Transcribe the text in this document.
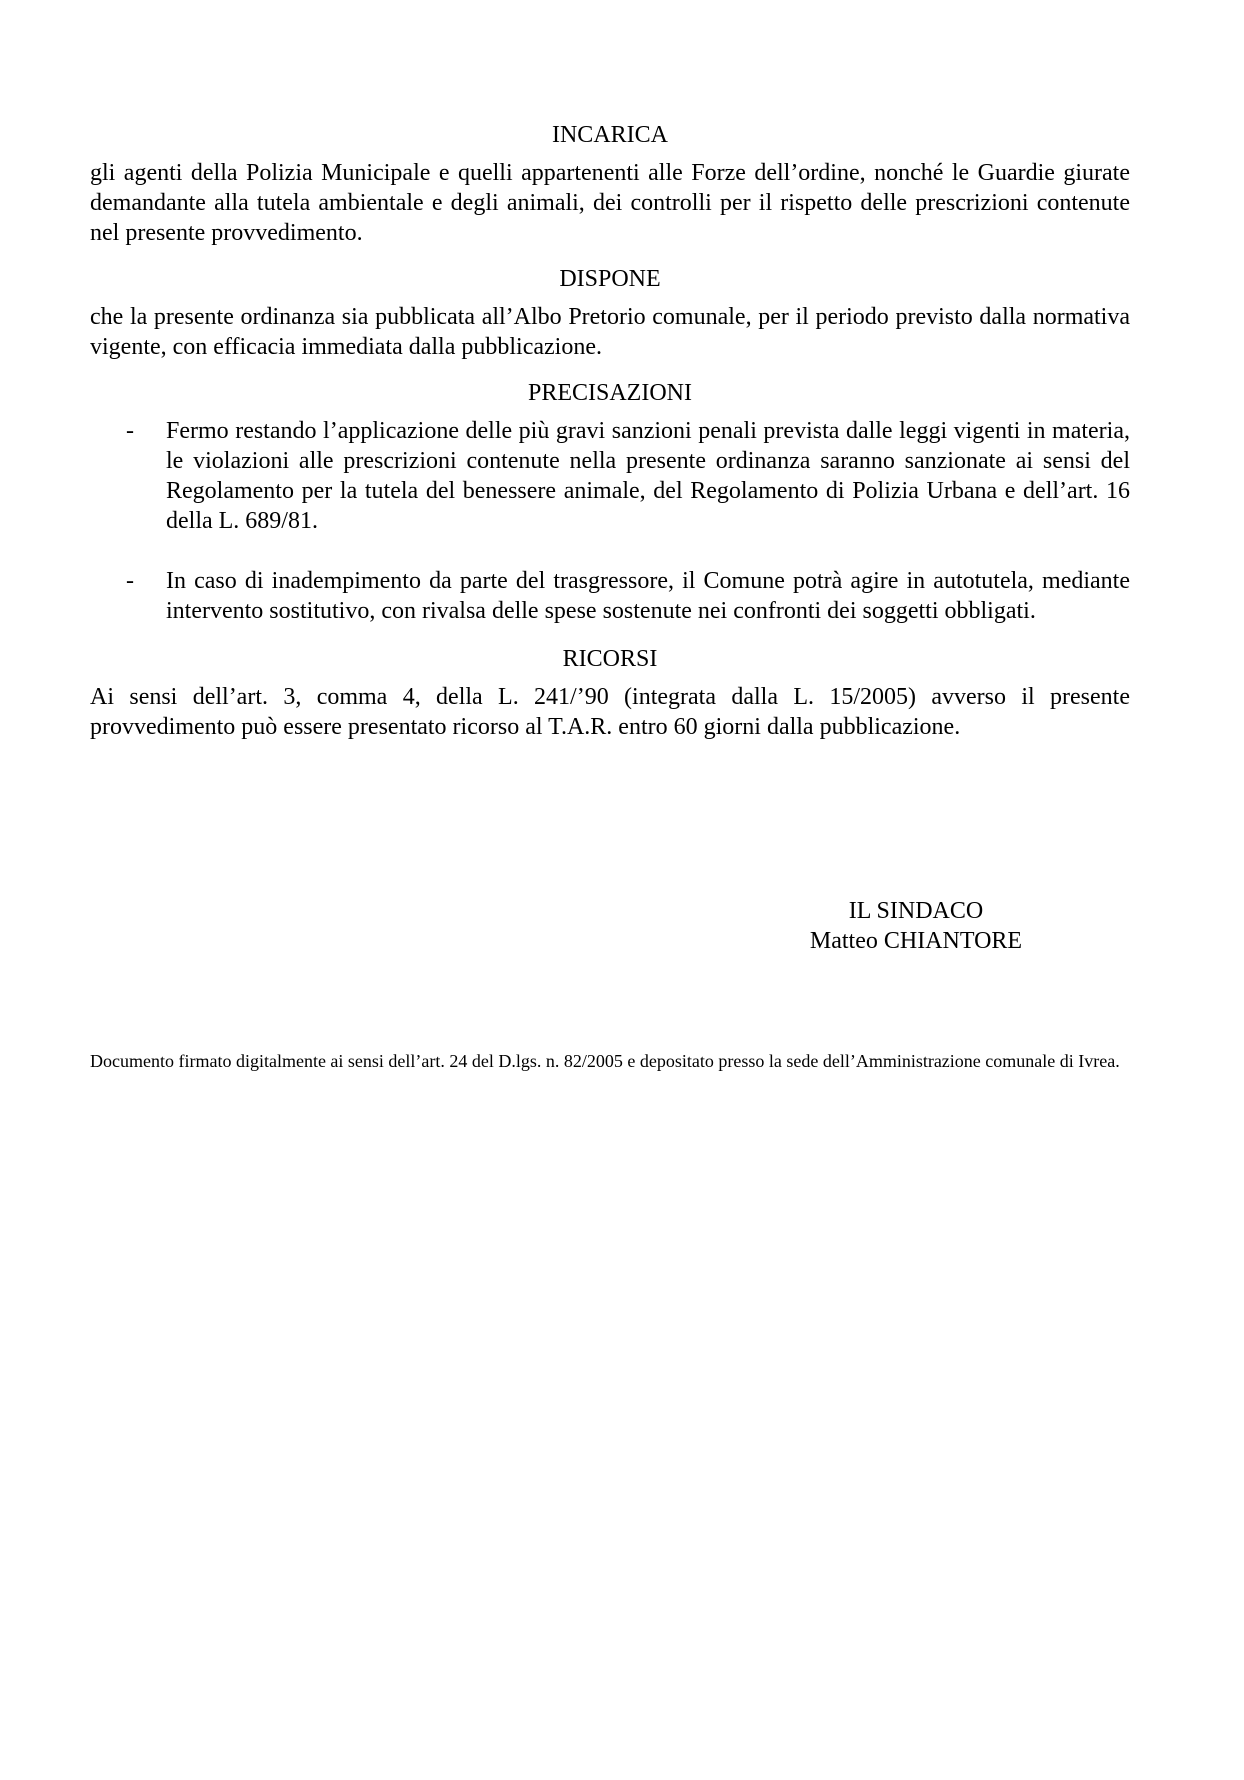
INCARICA

gli agenti della Polizia Municipale e quelli appartenenti alle Forze dell’ordine, nonché le Guardie giurate demandante alla tutela ambientale e degli animali, dei controlli per il rispetto delle prescrizioni contenute nel presente provvedimento.

DISPONE

che la presente ordinanza sia pubblicata all’Albo Pretorio comunale, per il periodo previsto dalla normativa vigente, con efficacia immediata dalla pubblicazione.

PRECISAZIONI
-	Fermo restando l’applicazione delle più gravi sanzioni penali prevista dalle leggi vigenti in materia, le violazioni alle prescrizioni contenute nella presente ordinanza saranno sanzionate ai sensi del Regolamento per la tutela del benessere animale, del Regolamento di Polizia Urbana e dell’art. 16 della L. 689/81.
-	In caso di inadempimento da parte del trasgressore, il Comune potrà agire in autotutela, mediante intervento sostitutivo, con rivalsa delle spese sostenute nei confronti dei soggetti obbligati.
RICORSI

Ai sensi dell’art. 3, comma 4, della L. 241/’90 (integrata dalla L. 15/2005) avverso il presente provvedimento può essere presentato ricorso al T.A.R. entro 60 giorni dalla pubblicazione.

IL SINDACO
Matteo CHIANTORE
Documento firmato digitalmente ai sensi dell’art. 24 del D.lgs. n. 82/2005 e depositato presso la sede dell’Amministrazione comunale di Ivrea.
